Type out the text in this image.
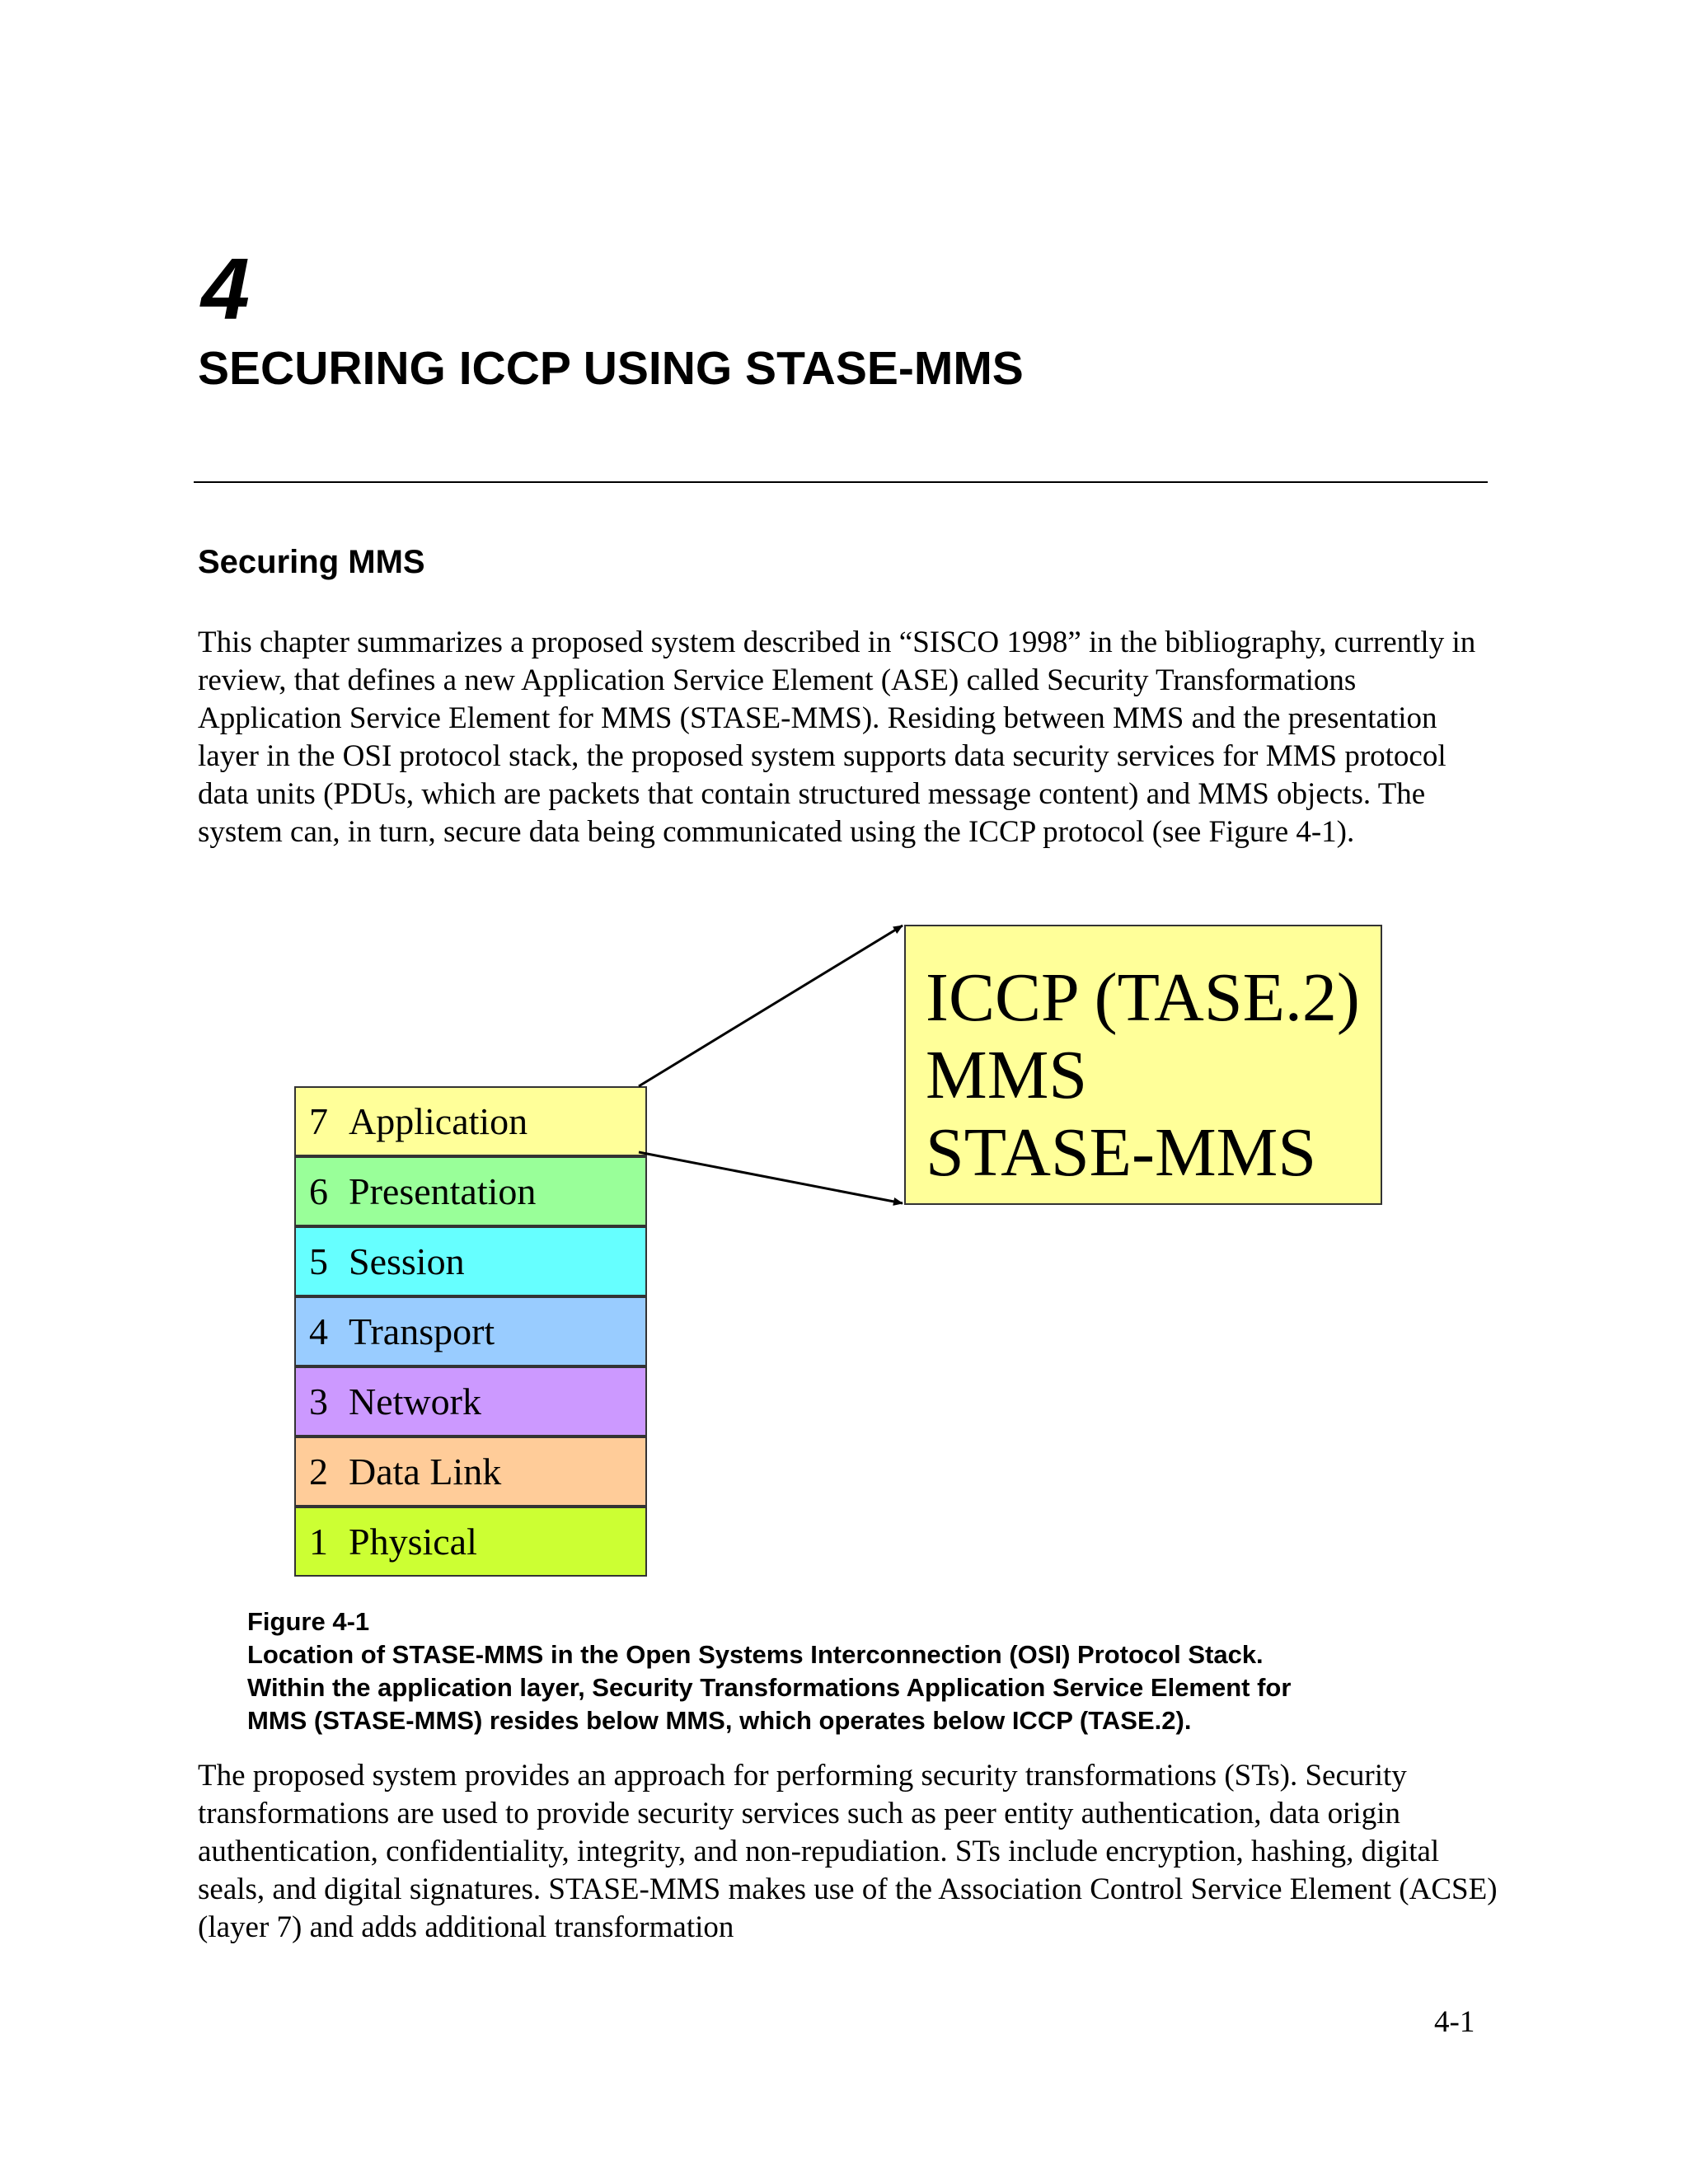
4
SECURING ICCP USING STASE-MMS
Securing MMS

This chapter summarizes a proposed system described in “SISCO 1998” in the bibliography, currently in review, that defines a new Application Service Element (ASE) called Security Transformations Application Service Element for MMS (STASE-MMS). Residing between MMS and the presentation layer in the OSI protocol stack, the proposed system supports data security services for MMS protocol data units (PDUs, which are packets that contain structured message content) and MMS objects. The system can, in turn, secure data being communicated using the ICCP protocol (see Figure 4-1).

7 Application
6 Presentation
5 Session
4 Transport
3 Network
2 Data Link
1 Physical
ICCP (TASE.2)
MMS
STASE-MMS
Figure 4-1
Location of STASE-MMS in the Open Systems Interconnection (OSI) Protocol Stack.
Within the application layer, Security Transformations Application Service Element for
MMS (STASE-MMS) resides below MMS, which operates below ICCP (TASE.2).

The proposed system provides an approach for performing security transformations (STs). Security transformations are used to provide security services such as peer entity authentication, data origin authentication, confidentiality, integrity, and non-repudiation. STs include encryption, hashing, digital seals, and digital signatures. STASE-MMS makes use of the Association Control Service Element (ACSE) (layer 7) and adds additional transformation

4-1
